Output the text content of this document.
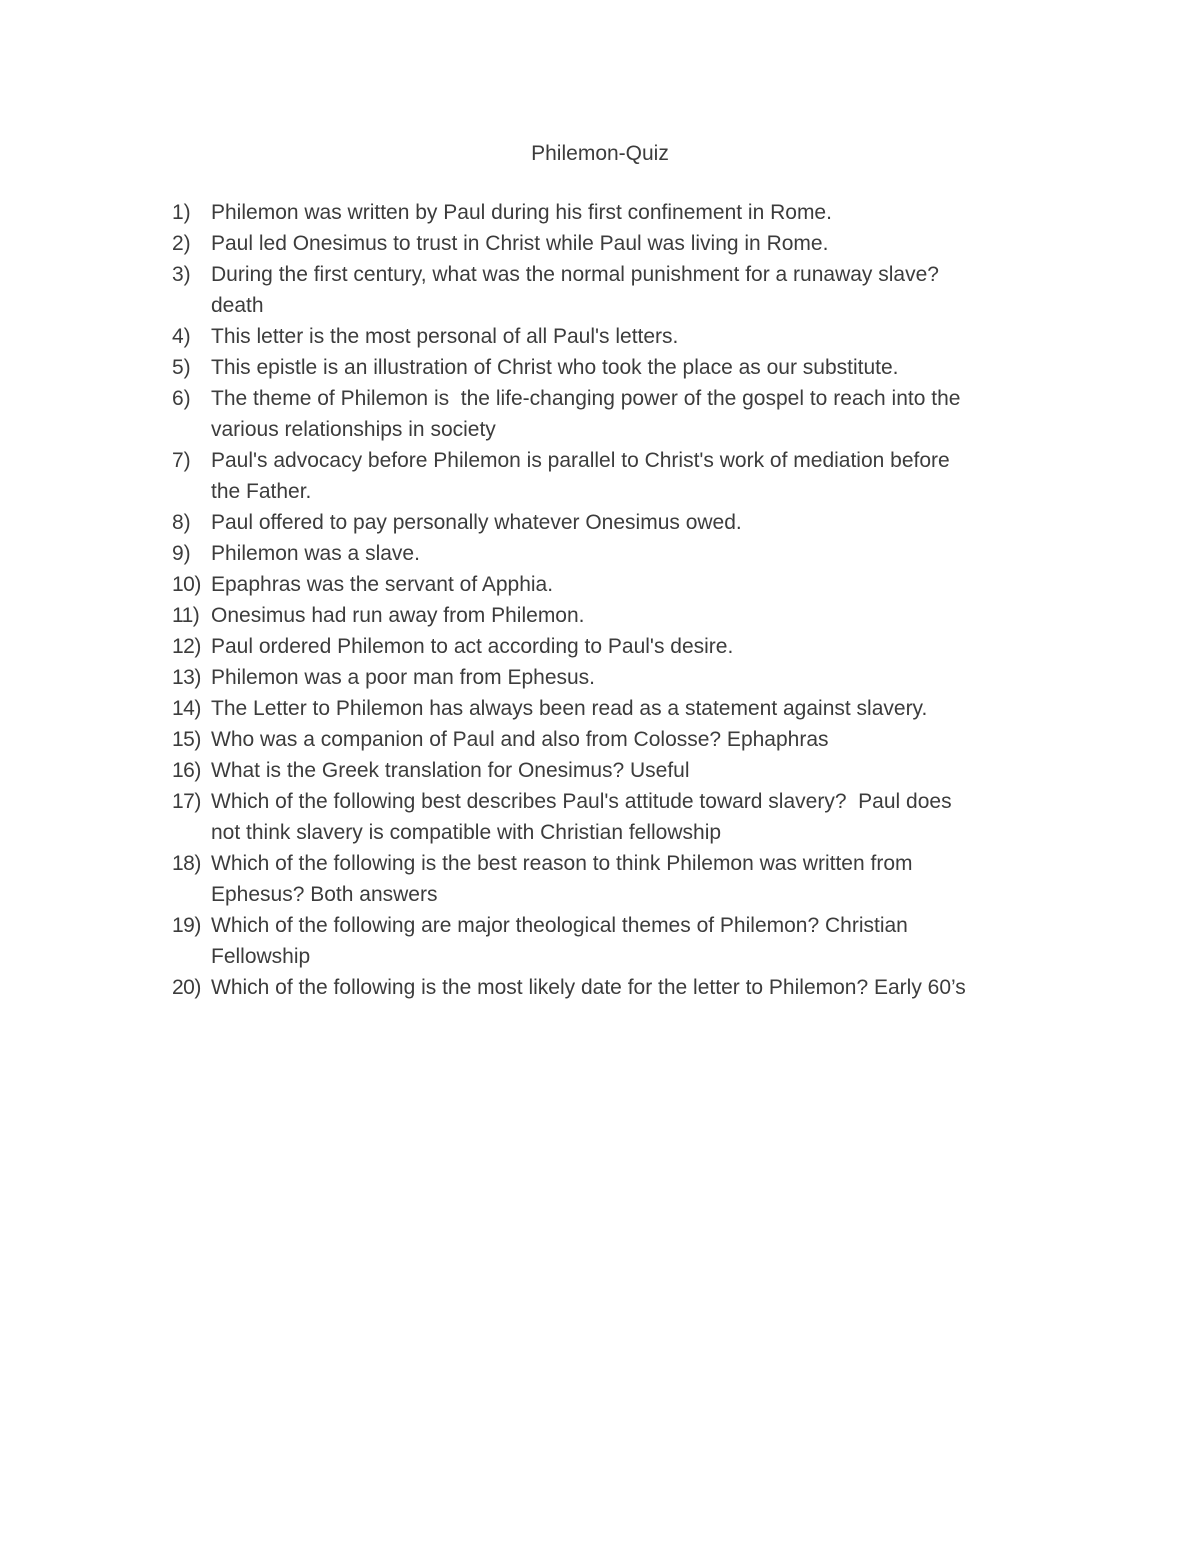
Philemon-Quiz
1) Philemon was written by Paul during his first confinement in Rome.
2) Paul led Onesimus to trust in Christ while Paul was living in Rome.
3) During the first century, what was the normal punishment for a runaway slave?
death
4) This letter is the most personal of all Paul's letters.
5) This epistle is an illustration of Christ who took the place as our substitute.
6) The theme of Philemon is  the life-changing power of the gospel to reach into the
various relationships in society
7) Paul's advocacy before Philemon is parallel to Christ's work of mediation before
the Father.
8) Paul offered to pay personally whatever Onesimus owed.
9) Philemon was a slave.
10) Epaphras was the servant of Apphia.
11) Onesimus had run away from Philemon.
12) Paul ordered Philemon to act according to Paul's desire.
13) Philemon was a poor man from Ephesus.
14) The Letter to Philemon has always been read as a statement against slavery.
15) Who was a companion of Paul and also from Colosse? Ephaphras
16) What is the Greek translation for Onesimus? Useful
17) Which of the following best describes Paul's attitude toward slavery?  Paul does
not think slavery is compatible with Christian fellowship
18) Which of the following is the best reason to think Philemon was written from
Ephesus? Both answers
19) Which of the following are major theological themes of Philemon? Christian
Fellowship
20) Which of the following is the most likely date for the letter to Philemon? Early 60’s
